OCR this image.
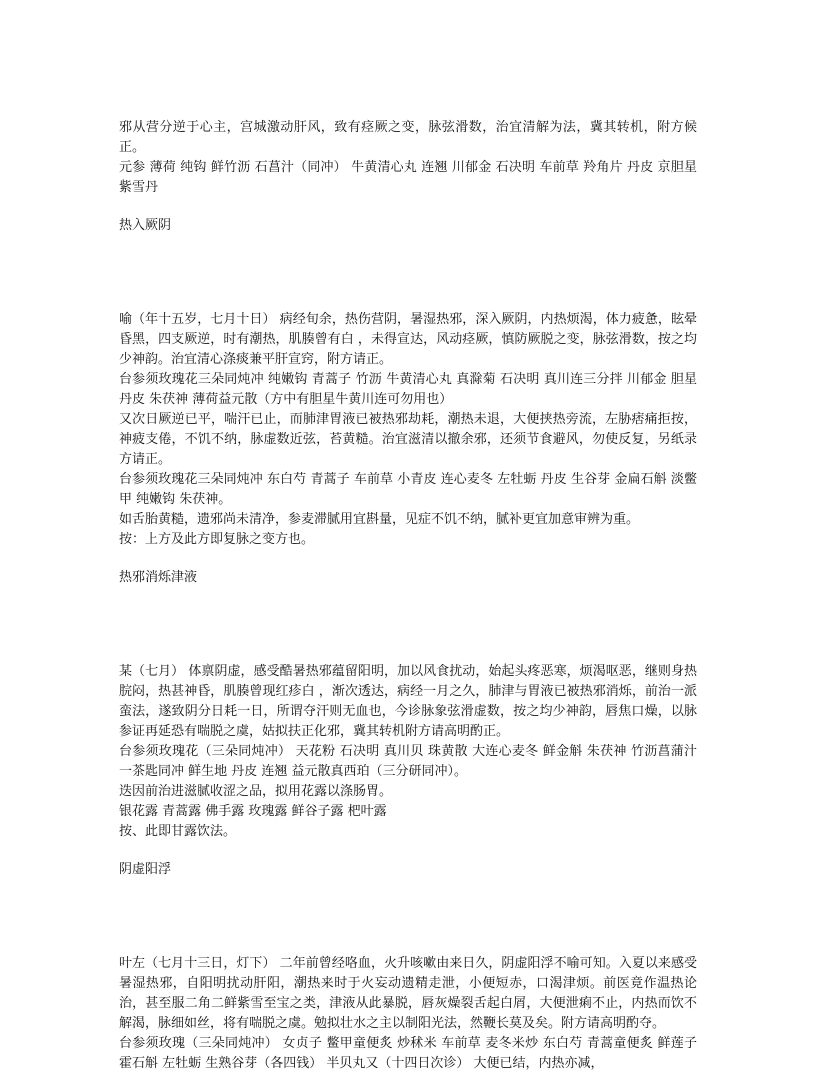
邪从营分逆于心主，宫城激动肝风，致有痉厥之变，脉弦滑数，治宜清解为法，冀其转机，附方候正。

元参 薄荷 纯钩 鲜竹沥 石菖汁（同冲） 牛黄清心丸 连翘 川郁金 石决明 车前草 羚角片 丹皮 京胆星 紫雪丹

热入厥阴

喻（年十五岁，七月十日） 病经旬余，热伤营阴，暑湿热邪，深入厥阴，内热烦渴，体力疲惫，眩晕昏黑，四支厥逆，时有潮热，肌腠曾有白 ，未得宣达，风动痉厥，慎防厥脱之变，脉弦滑数，按之均少神韵。治宜清心涤痰兼平肝宣窍，附方请正。

台参须玫瑰花三朵同炖冲 纯嫩钩 青蒿子 竹沥 牛黄清心丸 真滁菊 石决明 真川连三分拌 川郁金 胆星 丹皮 朱茯神 薄荷益元散（方中有胆星牛黄川连可勿用也）

又次日厥逆已平，喘汗已止，而肺津胃液已被热邪劫耗，潮热未退，大便挟热旁流，左胁痞痛拒按，神疲支倦，不饥不纳，脉虚数近弦，苔黄糙。治宜滋清以撤余邪，还须节食避风，勿使反复，另纸录方请正。

台参须玫瑰花三朵同炖冲 东白芍 青蒿子 车前草 小青皮 连心麦冬 左牡蛎 丹皮 生谷芽 金扁石斛 淡鳖甲 纯嫩钩 朱茯神。

如舌胎黄糙，遗邪尚未清净，参麦滞腻用宜斟量，见症不饥不纳，腻补更宜加意审辨为重。

按：上方及此方即复脉之变方也。

热邪消烁津液

某（七月） 体禀阴虚，感受酷暑热邪蕴留阳明，加以风食扰动，始起头疼恶寒，烦渴呕恶，继则身热脘闷，热甚神昏，肌腠曾现红疹白 ，渐次透达，病经一月之久，肺津与胃液已被热邪消烁，前治一派蛮法，遂致阴分日耗一日，所谓夺汗则无血也，今诊脉象弦滑虚数，按之均少神韵，唇焦口燥，以脉参证再延恐有喘脱之虞，姑拟扶正化邪，冀其转机附方请高明酌正。

台参须玫瑰花（三朵同炖冲） 天花粉 石决明 真川贝 珠黄散 大连心麦冬 鲜金斛 朱茯神 竹沥菖蒲汁一茶匙同冲 鲜生地 丹皮 连翘 益元散真西珀（三分研同冲）。

迭因前治进滋腻收涩之品，拟用花露以涤肠胃。

银花露 青蒿露 佛手露 玫瑰露 鲜谷子露 杷叶露

按、此即甘露饮法。

阴虚阳浮

叶左（七月十三日，灯下） 二年前曾经咯血，火升咳嗽由来日久，阴虚阳浮不喻可知。入夏以来感受暑湿热邪，自阳明扰动肝阳，潮热来时于火妄动遗精走泄，小便短赤，口渴津烦。前医竟作温热论治，甚至服二角二鲜紫雪至宝之类，津液从此暴脱，唇灰燥裂舌起白屑，大便泄痢不止，内热而饮不解渴，脉细如丝，将有喘脱之虞。勉拟壮水之主以制阳光法，然鞭长莫及矣。附方请高明酌夺。

台参须玫瑰（三朵同炖冲） 女贞子 鳖甲童便炙 炒秫米 车前草 麦冬米炒 东白芍 青蒿童便炙 鲜莲子 霍石斛 左牡蛎 生熟谷芽（各四钱） 半贝丸又（十四日次诊） 大便已结，内热亦减，
